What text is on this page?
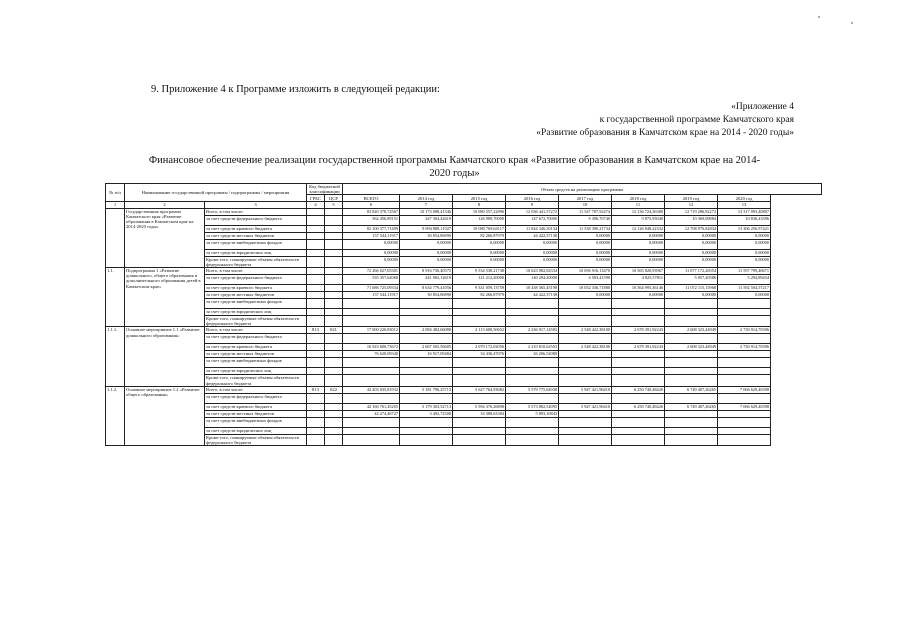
9. Приложение 4 к Программе изложить в следующей редакции:
«Приложение 4
к государственной программе Камчатского края
«Развитие образования в Камчатском крае на 2014 - 2020 годы»
Финансовое обеспечение реализации государственной программы Камчатского края «Развитие образования в Камчатском крае на 2014-
2020 годы»
№ п/п	Наименование государственной программы / подпрограммы / мероприятия		Код бюджетной классификации		Объем средств на реализацию программы							
			ГРБС	ЦСР	ВСЕГО	2014 год	2015 год	2016 год	2017 год	2018 год	2019 год	2020 год
1	2	3	4	5	6	7	8	9	10	11	12	13
	Государственная программа Камчатского края «Развитие образования в Камчатском крае на 2014-2020 годы»	Всего, в том числе:			83 820 378,72567	10 173 088,41346	10 080 557,22896	12 036 441,57272	11 547 787,92474	12 136 724,36380	12 719 286,92272	13 317 093,40807
		за счет средств федерального бюджета			562 456,89151	247 304,42619	126 989,70000	147 672,70000	9 396,70740	9 875,93048	10 369,09884	10 836,43396
		за счет средств краевого бюджета			82 100 377,71499	9 894 888,11927	10 080 769,64117	11 844 346,50134	11 538 390,21734	12 126 848,22332	12 708 976,82834	13 306 256,97421
		за счет средств местных бюджетов			157 544,11917	30 854,86890	82 266,87979	44 422,37138	0,00000	0,00000	0,00000	0,00000
		за счет средств внебюджетных фондов			0,00000	0,00000	0,00000	0,00000	0,00000	0,00000	0,00000	0,00000
		за счет средств юридических лиц			0,00000	0,00000	0,00000	0,00000	0,00000	0,00000	0,00000	0,00000
		Кроме того, планируемые объемы обязательств федерального бюджета			0,00000	0,00000	0,00000	0,00000	0,00000	0,00000	0,00000	0,00000
1.1.	Подпрограмма 1 «Развитие дошкольного, общего образования и дополнительного образования детей в Камчатском крае»	Всего, в том числе:			72 266 027,05301	8 916 736,40575	9 534 538,21738	10 623 082,02334	10 056 916,13470	10 565 820,93967	11 077 172,26554	11 597 799,46671
		за счет средств федерального бюджета			535 357,62060	241 082,12619	121 212,20000	140 294,20000	4 503,41590	4 825,57811	5 057,20586	5 294,89454
		за счет средств краевого бюджета			71 686 725,09334	8 634 779,41056	9 331 059,13759	10 438 365,45198	10 052 336,71880	10 564 995,36146	11 072 115,15968	11 592 504,57217
		за счет средств местных бюджетов			157 544,11917	30 854,86890	82 266,87979	44 422,37138	0,00000	0,00000	0,00000	0,00000
		за счет средств внебюджетных фондов										
		за счет средств юридических лиц										
		Кроме того, планируемые объемы обязательств федерального бюджета										
1.1.1.	Основное мероприятие 1.1 «Развитие дошкольного образования»	Всего, в том числе:	813	021	17 000 220,83012	2 084 482,66080	2 113 608,50652	2 236 917,14583	2 548 422,38100	2 678 391,92243	2 608 323,44949	2 730 914,70396
		за счет средств федерального бюджета										
		за счет средств краевого бюджета			16 923 600,73672	2 067 565,56605	2 079 172,02056	2 210 810,62503	2 548 422,38100	2 678 391,92243	2 608 323,44949	2 730 914,70396
		за счет средств местных бюджетов			76 620,09340	16 917,09484	34 436,47076	26 206,52080				
		за счет средств внебюджетных фондов										
		за счет средств юридических лиц										
		Кроме того, планируемые объемы обязательств федерального бюджета										
1.1.2.	Основное мероприятие 1.2 «Развитие общего образования»	Всего, в том числе:	813	022	42 203 035,81932	5 181 796,25713	5 627 764,93082	5 579 775,64938	5 947 421,96410	6 250 740,48426	6 749 407,26265	7 066 629,40398
		за счет средств федерального бюджета										
		за счет средств краевого бюджета			42 160 761,45205	5 179 303,52713	5 594 376,26898	5 573 882,54095	5 947 421,96410	6 250 740,48426	6 749 407,26265	7 066 629,40398
		за счет средств местных бюджетов			42 274,46727	3 492,72500	33 388,63384	5 893,10843				
		за счет средств внебюджетных фондов										
		за счет средств юридических лиц										
		Кроме того, планируемые объемы обязательств федерального бюджета										
